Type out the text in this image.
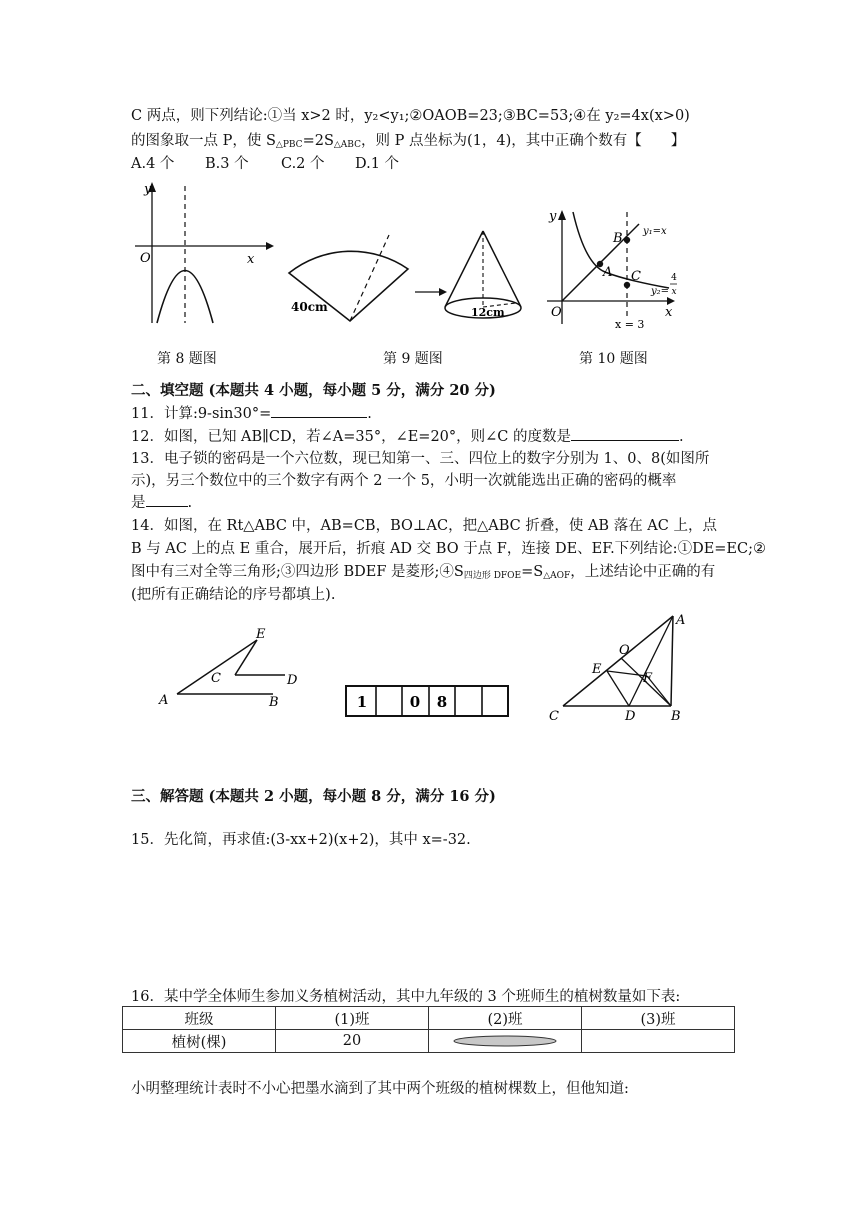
C 两点，则下列结论:①当 x>2 时，y₂<y₁;②OAOB=23;③BC=53;④在 y₂=4x(x>0)
的图象取一点 P，使 $S_{\triangle PBC}=2S_{\triangle ABC}$，则 P 点坐标为(1，4)，其中正确个数有【　　】
A.4 个 B.3 个 C.2 个 D.1 个
y
O	x
40cm	12cm
y
O	x
B
A C
y₁=x
y₂=
4
x
x = 3
第 8 题图	第 9 题图	第 10 题图
二、填空题 (本题共 4 小题，每小题 5 分，满分 20 分)
11．计算:9-sin30°=	.
12．如图，已知 AB∥CD，若∠A=35°，∠E=20°，则∠C 的度数是	.
13．电子锁的密码是一个六位数，现已知第一、三、四位上的数字分别为 1、0、8(如图所
示)，另三个数位中的三个数字有两个 2 一个 5，小明一次就能选出正确的密码的概率
是	.
14．如图，在 Rt△ABC 中，AB=CB，BO⊥AC，把△ABC 折叠，使 AB 落在 AC 上，点
B 与 AC 上的点 E 重合，展开后，折痕 AD 交 BO 于点 F，连接 DE、EF.下列结论:①DE=EC;②
图中有三对全等三角形;③四边形 BDEF 是菱形$;④S_{四边形 DFOE}=S_{\triangle AOF}$，上述结论中正确的有
(把所有正确结论的序号都填上).
A	B
C	D
E
1	0 8
A
B
C	D
E
F
O
三、解答题 (本题共 2 小题，每小题 8 分，满分 16 分)
15．先化简，再求值:(3-xx+2)(x+2)，其中 x=-32.
16．某中学全体师生参加义务植树活动，其中九年级的 3 个班师生的植树数量如下表:
班级	(1)班	(2)班	(3)班
植树(棵)	20	

小明整理统计表时不小心把墨水滴到了其中两个班级的植树棵数上，但他知道:
